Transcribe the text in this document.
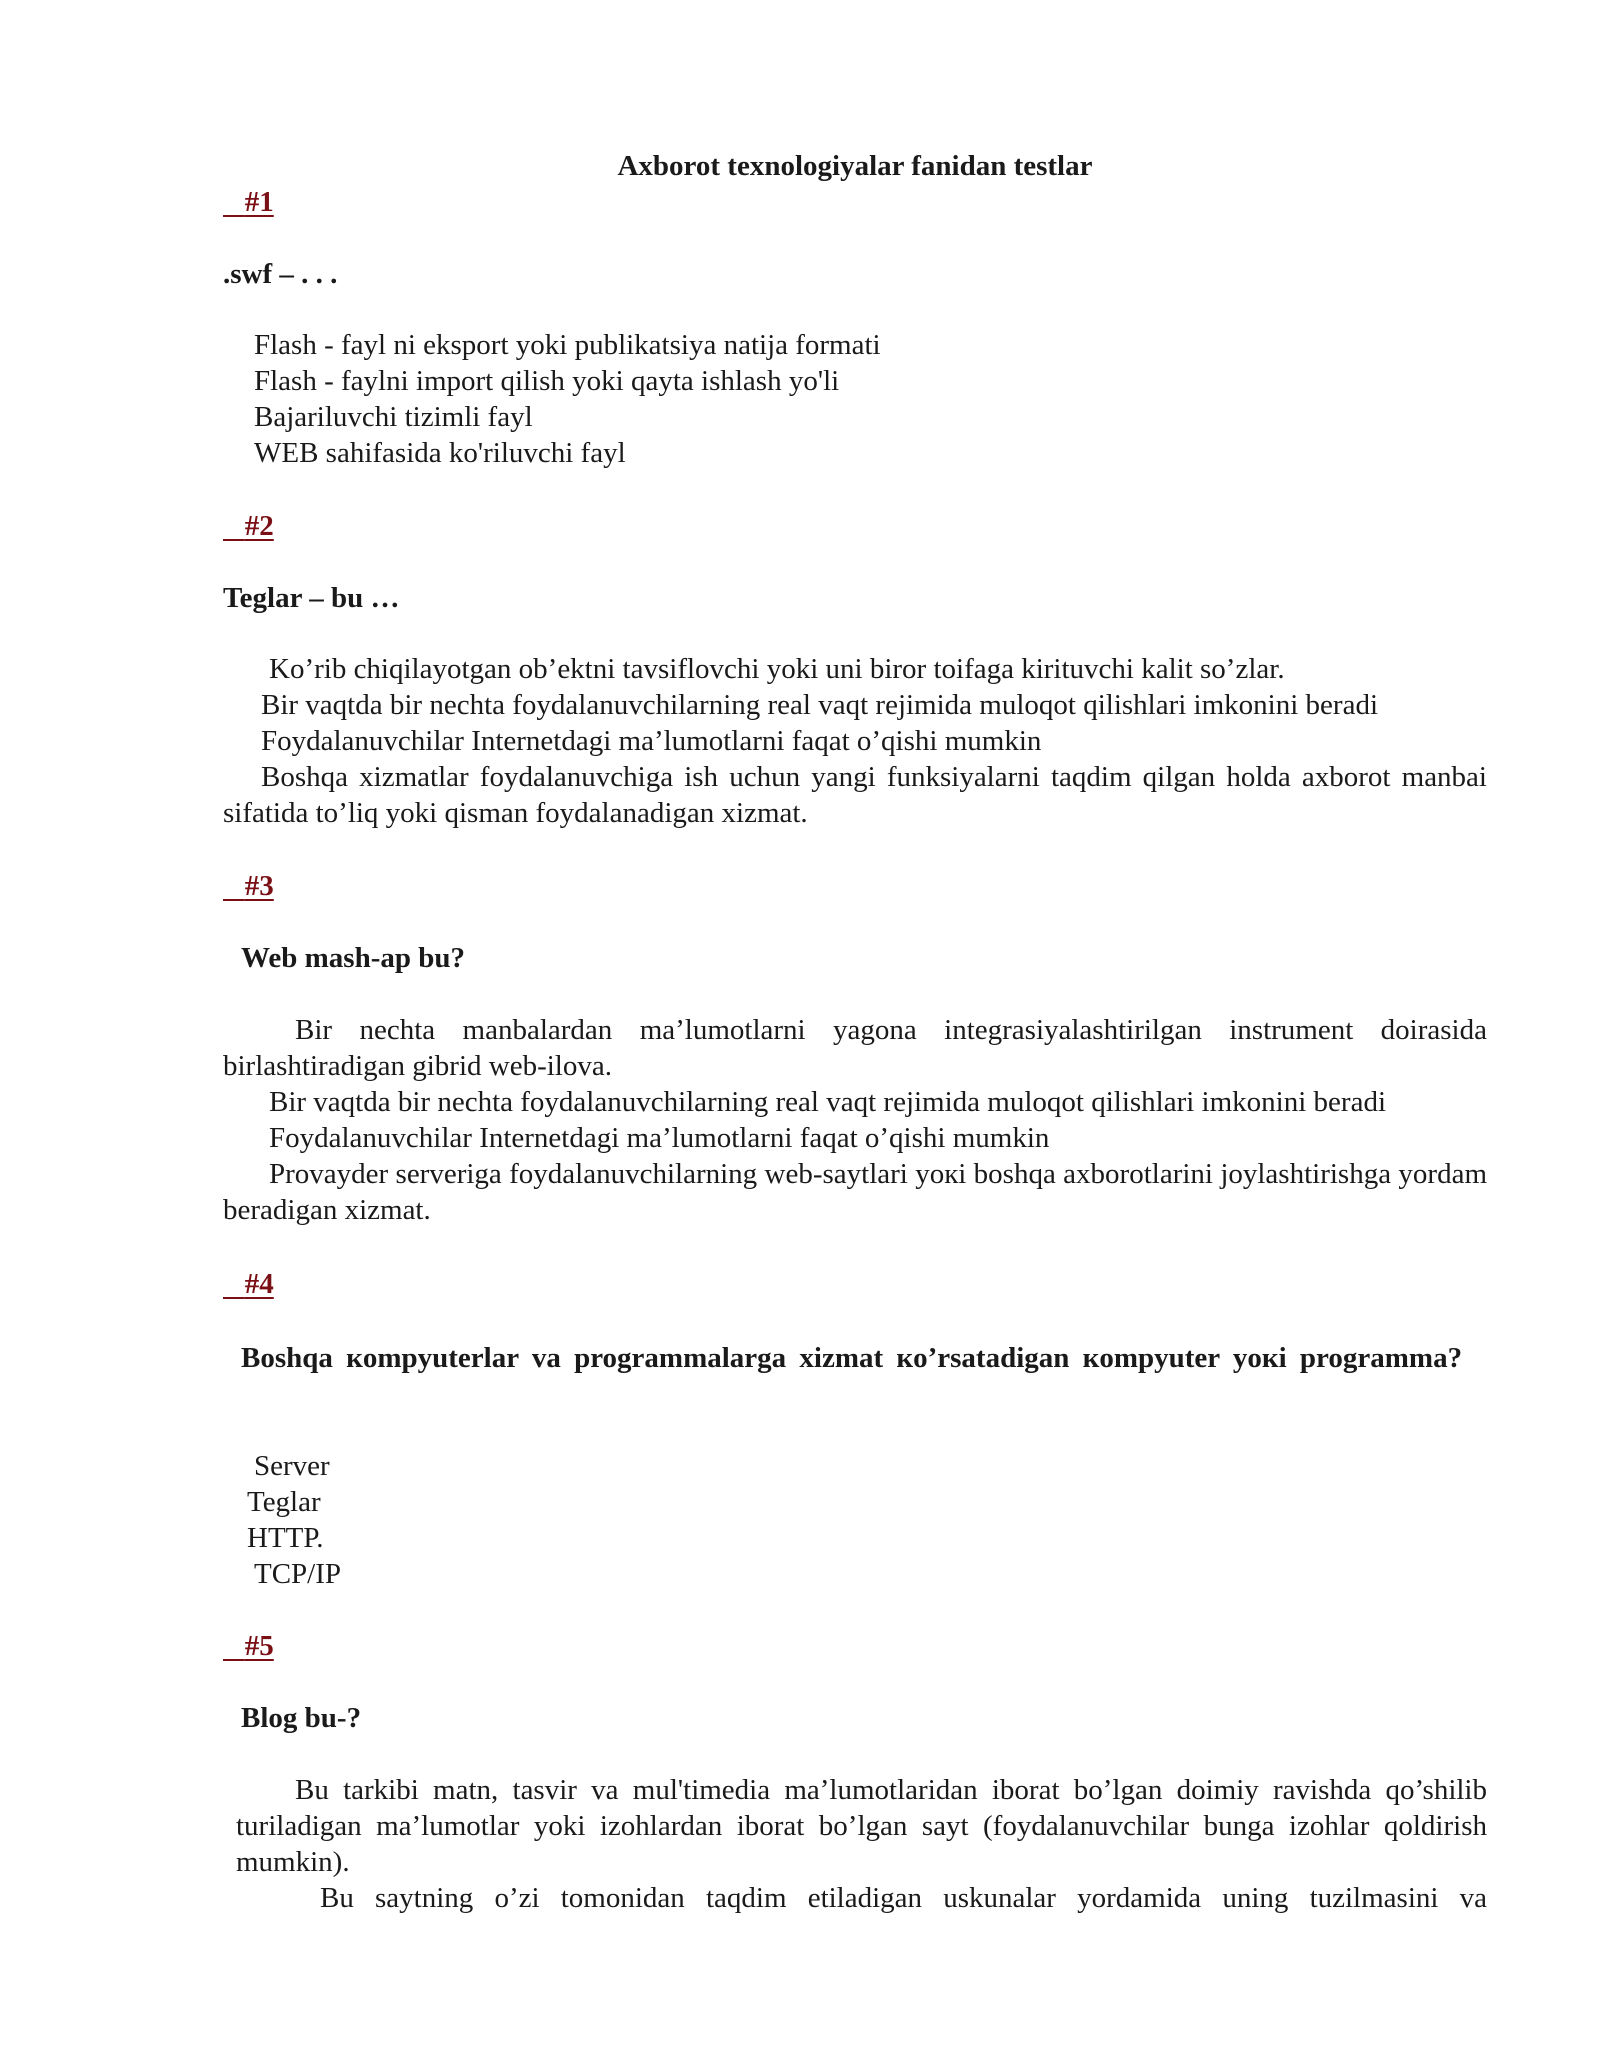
Axborot texnologiyalar fanidan testlar
#1

.swf – . . .

Flash - fayl ni eksport yoki publikatsiya natija formati
Flash - faylni import qilish yoki qayta ishlash yo'li
Bajariluvchi tizimli fayl
WEB sahifasida ko'riluvchi fayl
#2

Teglar – bu …

Ko’rib chiqilayotgan ob’ektni tavsiflovchi yoki uni biror toifaga kirituvchi kalit so’zlar.
Bir vaqtda bir nechta foydalanuvchilarning real vaqt rejimida muloqot qilishlari imkonini beradi
Foydalanuvchilar Internetdagi ma’lumotlarni faqat o’qishi mumkin
Boshqa xizmatlar foydalanuvchiga ish uchun yangi funksiyalarni taqdim qilgan holda axborot manbai sifatida to’liq yoki qisman foydalanadigan xizmat.
#3

Web mash-ap bu?

Bir nechta manbalardan ma’lumotlarni yagona integrasiyalashtirilgan instrument doirasida birlashtiradigan gibrid web-ilova.
Bir vaqtda bir nechta foydalanuvchilarning real vaqt rejimida muloqot qilishlari imkonini beradi
Foydalanuvchilar Internetdagi ma’lumotlarni faqat o’qishi mumkin
Provayder serveriga foydalanuvchilarning web-saytlari yoкi boshqa axborotlarini joylashtirishga yordam beradigan xizmat.
#4

Boshqa кompyuterlar va programmalarga xizmat кo’rsatadigan кompyuter yoкi programma?

Server
Teglar
HTTP.
TCP/IP
#5

Blog bu-?

Bu tarkibi matn, tasvir va mul'timedia ma’lumotlaridan iborat bo’lgan doimiy ravishda qo’shilib turiladigan ma’lumotlar yoki izohlardan iborat bo’lgan sayt (foydalanuvchilar bunga izohlar qoldirish mumkin).
Bu saytning o’zi tomonidan taqdim etiladigan uskunalar yordamida uning tuzilmasini va
